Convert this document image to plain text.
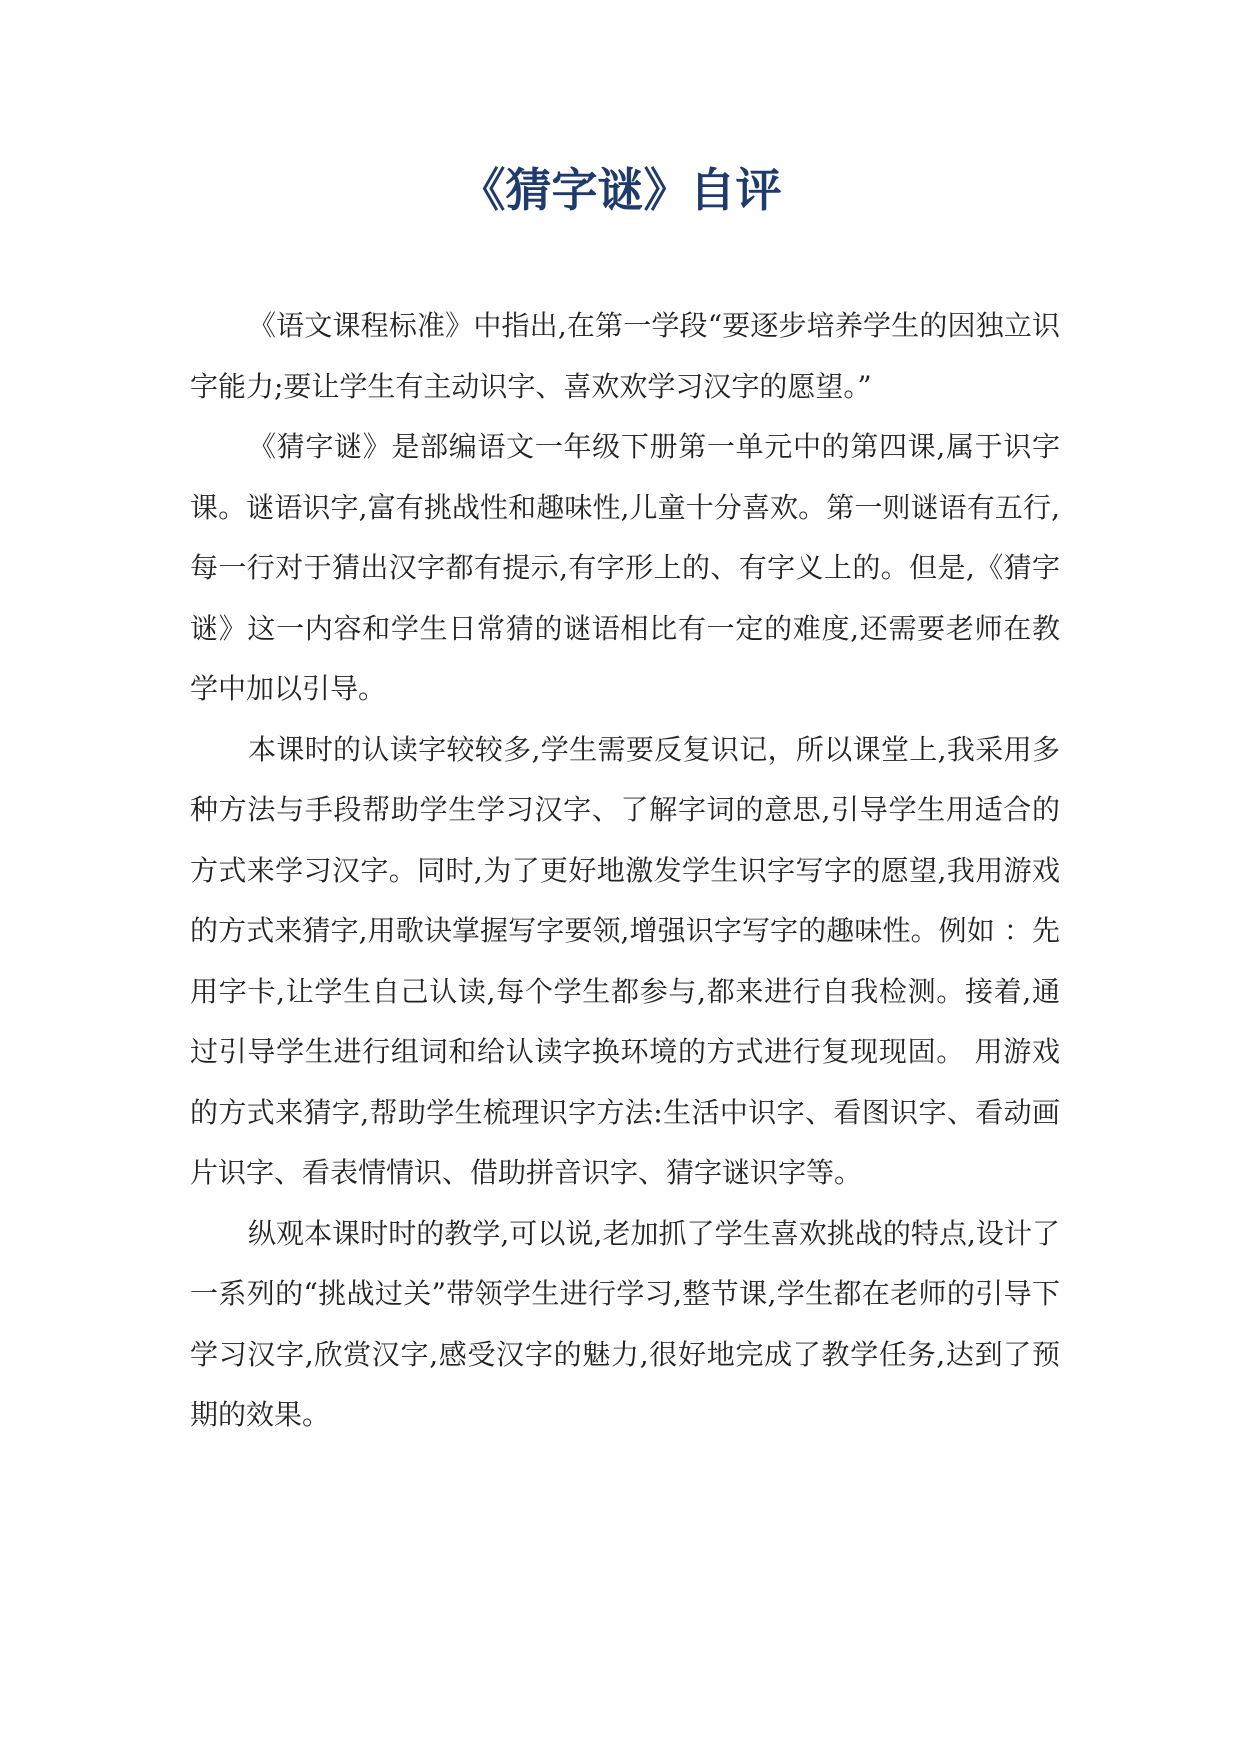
《猜字谜》自评

《语文课程标准》中指出,在第一学段“要逐步培养学生的因独立识字能力;要让学生有主动识字、喜欢欢学习汉字的愿望。”

《猜字谜》是部编语文一年级下册第一单元中的第四课,属于识字课。谜语识字,富有挑战性和趣味性,儿童十分喜欢。第一则谜语有五行,每一行对于猜出汉字都有提示,有字形上的、有字义上的。但是,《猜字谜》这一内容和学生日常猜的谜语相比有一定的难度,还需要老师在教学中加以引导。

本课时的认读字较较多,学生需要反复识记，所以课堂上,我采用多种方法与手段帮助学生学习汉字、了解字词的意思,引导学生用适合的方式来学习汉字。同时,为了更好地激发学生识字写字的愿望,我用游戏的方式来猜字,用歌诀掌握写字要领,增强识字写字的趣味性。例如 ：先用字卡,让学生自己认读,每个学生都参与,都来进行自我检测。接着,通过引导学生进行组词和给认读字换环境的方式进行复现现固。 用游戏的方式来猜字,帮助学生梳理识字方法:生活中识字、看图识字、看动画片识字、看表情情识、借助拼音识字、猜字谜识字等。

纵观本课时时的教学,可以说,老加抓了学生喜欢挑战的特点,设计了一系列的“挑战过关”带领学生进行学习,整节课,学生都在老师的引导下学习汉字,欣赏汉字,感受汉字的魅力,很好地完成了教学任务,达到了预期的效果。
